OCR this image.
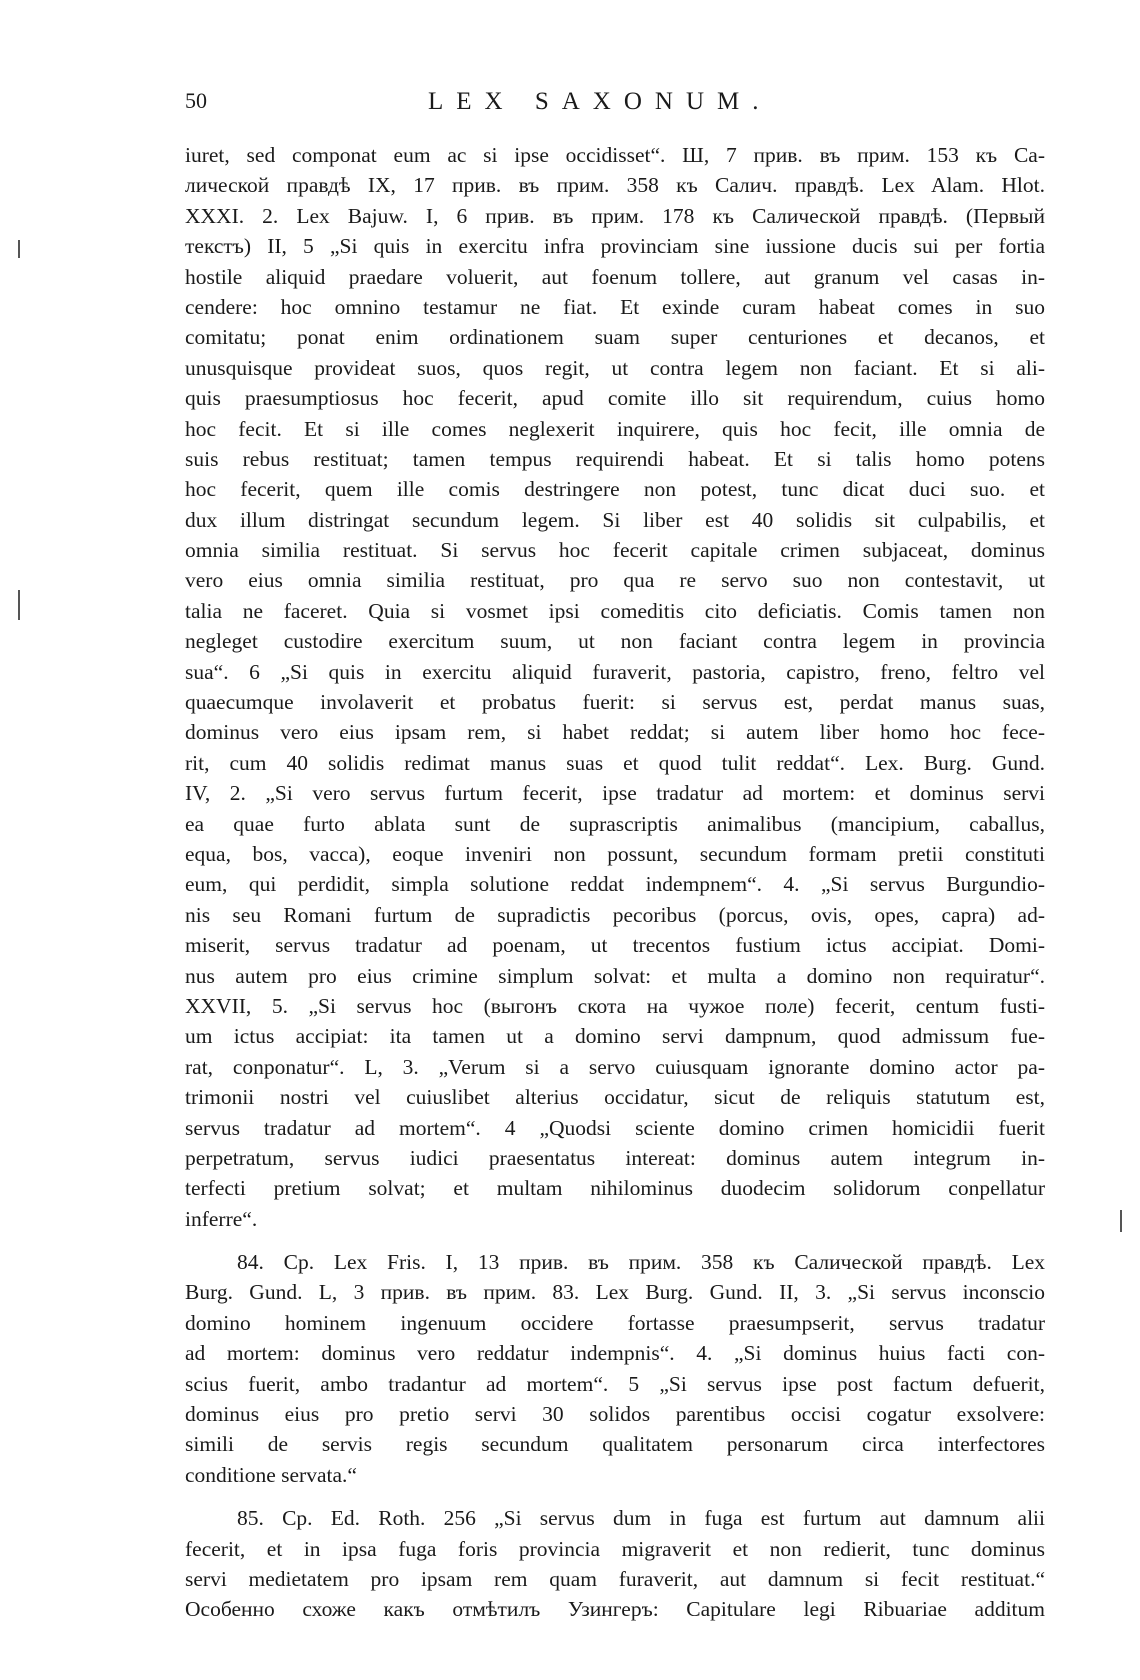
50	LEX SAXONUM.
iuret, sed componat eum ac si ipse occidisset“. Ш, 7 прив. въ прим. 153 къ Са-
лической правдѣ IX, 17 прив. въ прим. 358 къ Салич. правдѣ. Lex Alam. Hlot.
XXXI. 2. Lex Bajuw. I, 6 прив. въ прим. 178 къ Салической правдѣ. (Первый
текстъ) II, 5 „Si quis in exercitu infra provinciam sine iussione ducis sui per fortia
hostile aliquid praedare voluerit, aut foenum tollere, aut granum vel casas in-
cendere: hoc omnino testamur ne fiat. Et exinde curam habeat comes in suo
comitatu; ponat enim ordinationem suam super centuriones et decanos, et
unusquisque provideat suos, quos regit, ut contra legem non faciant. Et si ali-
quis praesumptiosus hoc fecerit, apud comite illo sit requirendum, cuius homo
hoc fecit. Et si ille comes neglexerit inquirere, quis hoc fecit, ille omnia de
suis rebus restituat; tamen tempus requirendi habeat. Et si talis homo potens
hoc fecerit, quem ille comis destringere non potest, tunc dicat duci suo. et
dux illum distringat secundum legem. Si liber est 40 solidis sit culpabilis, et
omnia similia restituat. Si servus hoc fecerit capitale crimen subjaceat, dominus
vero eius omnia similia restituat, pro qua re servo suo non contestavit, ut
talia ne faceret. Quia si vosmet ipsi comeditis cito deficiatis. Comis tamen non
negleget custodire exercitum suum, ut non faciant contra legem in provincia
sua“. 6 „Si quis in exercitu aliquid furaverit, pastoria, capistro, freno, feltro vel
quaecumque involaverit et probatus fuerit: si servus est, perdat manus suas,
dominus vero eius ipsam rem, si habet reddat; si autem liber homo hoc fece-
rit, cum 40 solidis redimat manus suas et quod tulit reddat“. Lex. Burg. Gund.
IV, 2. „Si vero servus furtum fecerit, ipse tradatur ad mortem: et dominus servi
ea quae furto ablata sunt de suprascriptis animalibus (mancipium, caballus,
equa, bos, vacca), eoque inveniri non possunt, secundum formam pretii constituti
eum, qui perdidit, simpla solutione reddat indempnem“. 4. „Si servus Burgundio-
nis seu Romani furtum de supradictis pecoribus (porcus, ovis, opes, capra) ad-
miserit, servus tradatur ad poenam, ut trecentos fustium ictus accipiat. Domi-
nus autem pro eius crimine simplum solvat: et multa a domino non requiratur“.
XXVII, 5. „Si servus hoc (выгонъ скота на чужое поле) fecerit, centum fusti-
um ictus accipiat: ita tamen ut a domino servi dampnum, quod admissum fue-
rat, conponatur“. L, 3. „Verum si a servo cuiusquam ignorante domino actor pa-
trimonii nostri vel cuiuslibet alterius occidatur, sicut de reliquis statutum est,
servus tradatur ad mortem“. 4 „Quodsi sciente domino crimen homicidii fuerit
perpetratum, servus iudici praesentatus intereat: dominus autem integrum in-
terfecti pretium solvat; et multam nihilominus duodecim solidorum conpellatur
inferre“.
84. Cp. Lex Fris. I, 13 прив. въ прим. 358 къ Салической правдѣ. Lex
Burg. Gund. L, 3 прив. въ прим. 83. Lex Burg. Gund. II, 3. „Si servus inconscio
domino hominem ingenuum occidere fortasse praesumpserit, servus tradatur
ad mortem: dominus vero reddatur indempnis“. 4. „Si dominus huius facti con-
scius fuerit, ambo tradantur ad mortem“. 5 „Si servus ipse post factum defuerit,
dominus eius pro pretio servi 30 solidos parentibus occisi cogatur exsolvere:
simili de servis regis secundum qualitatem personarum circa interfectores
conditione servata.“
85. Cp. Ed. Roth. 256 „Si servus dum in fuga est furtum aut damnum alii
fecerit, et in ipsa fuga foris provincia migraverit et non redierit, tunc dominus
servi medietatem pro ipsam rem quam furaverit, aut damnum si fecit restituat.“
Особенно схоже какъ отмѣтилъ Узингеръ: Capitulare legi Ribuariae additum
